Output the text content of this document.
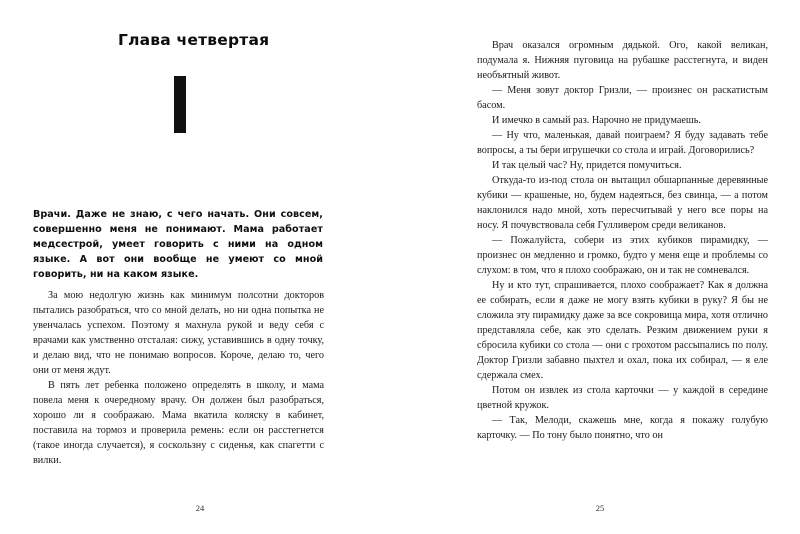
Глава четвертая
Врачи. Даже не знаю, с чего начать. Они совсем, совершенно меня не понимают. Мама работает медсестрой, умеет говорить с ними на одном языке. А вот они вообще не умеют со мной говорить, ни на каком языке.

За мою недолгую жизнь как минимум полсотни докторов пытались разобраться, что со мной делать, но ни одна попытка не увенчалась успехом. Поэтому я махнула рукой и веду себя с врачами как умственно отсталая: сижу, уставившись в одну точку, и делаю вид, что не понимаю вопросов. Короче, делаю то, чего они от меня ждут.

В пять лет ребенка положено определять в школу, и мама повела меня к очередному врачу. Он должен был разобраться, хорошо ли я соображаю. Мама вкатила коляску в кабинет, поставила на тормоз и проверила ремень: если он расстегнется (такое иногда случается), я соскользну с сиденья, как спагетти с вилки.

24	25

Врач оказался огромным дядькой. Ого, какой великан, подумала я. Нижняя пуговица на рубашке расстегнута, и виден необъятный живот.

— Меня зовут доктор Гризли, — произнес он раскатистым басом.

И имечко в самый раз. Нарочно не придумаешь.

— Ну что, маленькая, давай поиграем? Я буду задавать тебе вопросы, а ты бери игрушечки со стола и играй. Договорились?

И так целый час? Ну, придется помучиться.

Откуда-то из-под стола он вытащил обшарпанные деревянные кубики — крашеные, но, будем надеяться, без свинца, — а потом наклонился надо мной, хоть пересчитывай у него все поры на носу. Я почувствовала себя Гулливером среди великанов.

— Пожалуйста, собери из этих кубиков пирамидку, — произнес он медленно и громко, будто у меня еще и проблемы со слухом: в том, что я плохо соображаю, он и так не сомневался.

Ну и кто тут, спрашивается, плохо соображает? Как я должна ее собирать, если я даже не могу взять кубики в руку? Я бы не сложила эту пирамидку даже за все сокровища мира, хотя отлично представляла себе, как это сделать. Резким движением руки я сбросила кубики со стола — они с грохотом рассыпались по полу. Доктор Гризли забавно пыхтел и охал, пока их собирал, — я еле сдержала смех.

Потом он извлек из стола карточки — у каждой в середине цветной кружок.

— Так, Мелоди, скажешь мне, когда я покажу голубую карточку. — По тону было понятно, что он
